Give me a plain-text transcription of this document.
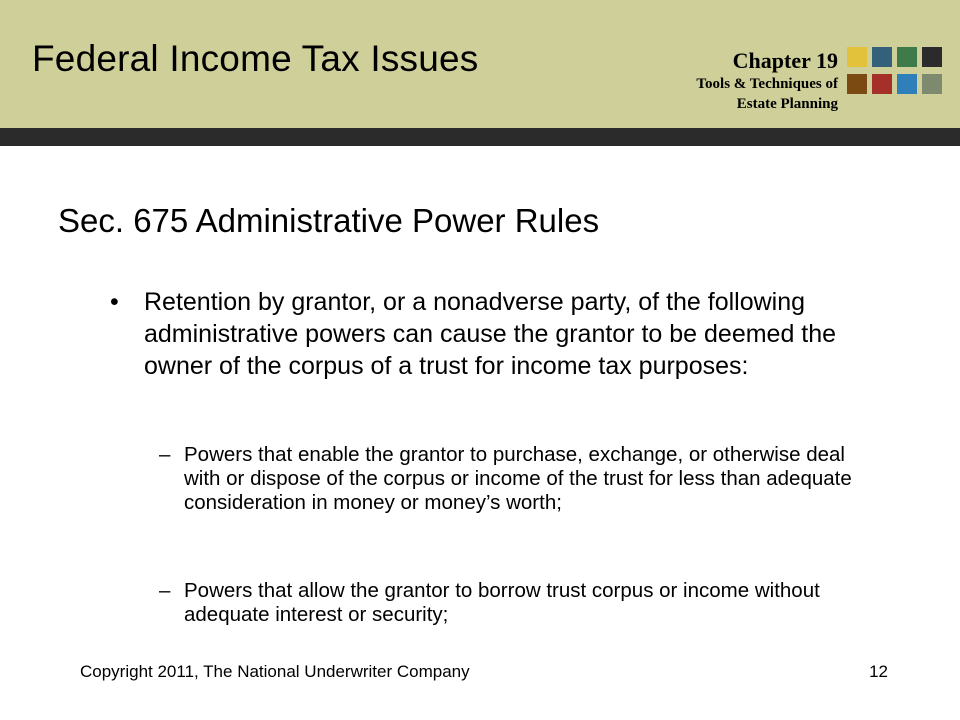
Federal Income Tax Issues	Chapter 19
Tools & Techniques of
Estate Planning
Sec. 675 Administrative Power Rules
• Retention by grantor, or a nonadverse party, of the following administrative powers can cause the grantor to be deemed the owner of the corpus of a trust for income tax purposes:
– Powers that enable the grantor to purchase, exchange, or otherwise deal with or dispose of the corpus or income of the trust for less than adequate consideration in money or money’s worth;
– Powers that allow the grantor to borrow trust corpus or income without adequate interest or security;
Copyright 2011, The National Underwriter Company	12
